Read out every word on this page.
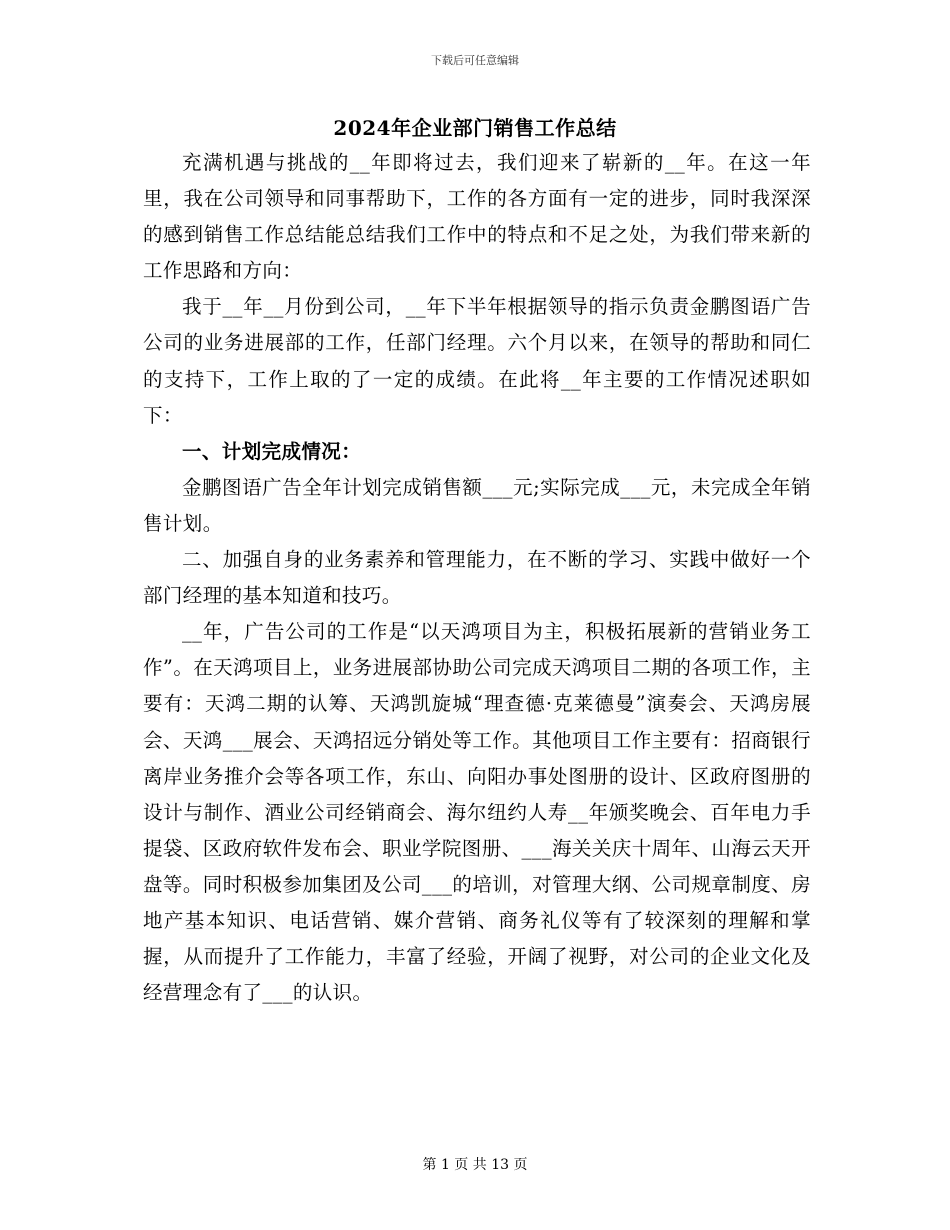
下载后可任意编辑
2024年企业部门销售工作总结

充满机遇与挑战的__年即将过去，我们迎来了崭新的__年。在这一年里，我在公司领导和同事帮助下，工作的各方面有一定的进步，同时我深深的感到销售工作总结能总结我们工作中的特点和不足之处，为我们带来新的工作思路和方向：

我于__年__月份到公司，__年下半年根据领导的指示负责金鹏图语广告公司的业务进展部的工作，任部门经理。六个月以来，在领导的帮助和同仁的支持下，工作上取的了一定的成绩。在此将__年主要的工作情况述职如下：

一、计划完成情况：

金鹏图语广告全年计划完成销售额___元;实际完成___元，未完成全年销售计划。

二、加强自身的业务素养和管理能力，在不断的学习、实践中做好一个部门经理的基本知道和技巧。

__年，广告公司的工作是“以天鸿项目为主，积极拓展新的营销业务工作”。在天鸿项目上，业务进展部协助公司完成天鸿项目二期的各项工作，主要有：天鸿二期的认筹、天鸿凯旋城“理查德·克莱德曼”演奏会、天鸿房展会、天鸿___展会、天鸿招远分销处等工作。其他项目工作主要有：招商银行离岸业务推介会等各项工作，东山、向阳办事处图册的设计、区政府图册的设计与制作、酒业公司经销商会、海尔纽约人寿__年颁奖晚会、百年电力手提袋、区政府软件发布会、职业学院图册、___海关关庆十周年、山海云天开盘等。同时积极参加集团及公司___的培训，对管理大纲、公司规章制度、房地产基本知识、电话营销、媒介营销、商务礼仪等有了较深刻的理解和掌握，从而提升了工作能力，丰富了经验，开阔了视野，对公司的企业文化及经营理念有了___的认识。

第 1 页 共 13 页
